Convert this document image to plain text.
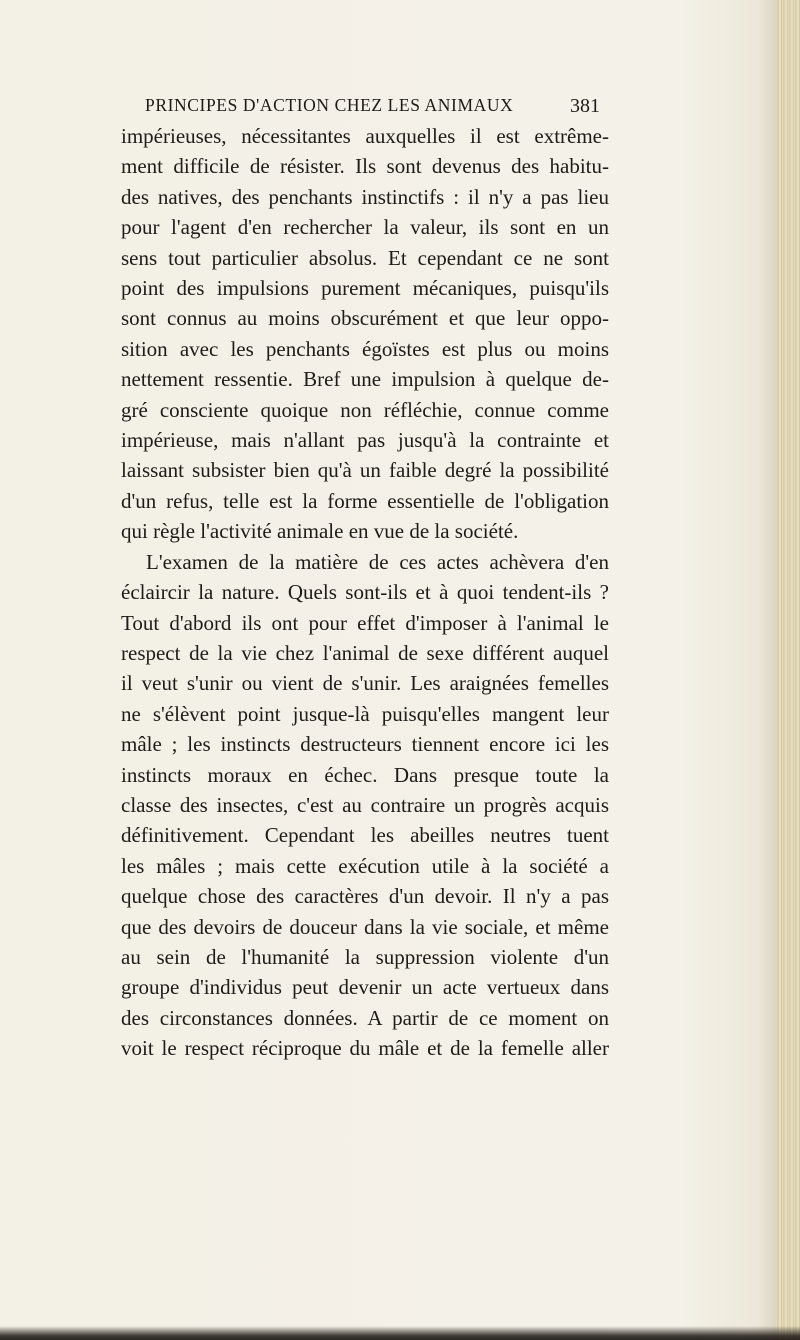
PRINCIPES D'ACTION CHEZ LES ANIMAUX	381
impérieuses, nécessitantes auxquelles il est extrême-
ment difficile de résister. Ils sont devenus des habitu-
des natives, des penchants instinctifs : il n'y a pas lieu
pour l'agent d'en rechercher la valeur, ils sont en un
sens tout particulier absolus. Et cependant ce ne sont
point des impulsions purement mécaniques, puisqu'ils
sont connus au moins obscurément et que leur oppo-
sition avec les penchants égoïstes est plus ou moins
nettement ressentie. Bref une impulsion à quelque de-
gré consciente quoique non réfléchie, connue comme
impérieuse, mais n'allant pas jusqu'à la contrainte et
laissant subsister bien qu'à un faible degré la possibilité
d'un refus, telle est la forme essentielle de l'obligation
qui règle l'activité animale en vue de la société.
L'examen de la matière de ces actes achèvera d'en
éclaircir la nature. Quels sont-ils et à quoi tendent-ils ?
Tout d'abord ils ont pour effet d'imposer à l'animal le
respect de la vie chez l'animal de sexe différent auquel
il veut s'unir ou vient de s'unir. Les araignées femelles
ne s'élèvent point jusque-là puisqu'elles mangent leur
mâle ; les instincts destructeurs tiennent encore ici les
instincts moraux en échec. Dans presque toute la
classe des insectes, c'est au contraire un progrès acquis
définitivement. Cependant les abeilles neutres tuent
les mâles ; mais cette exécution utile à la société a
quelque chose des caractères d'un devoir. Il n'y a pas
que des devoirs de douceur dans la vie sociale, et même
au sein de l'humanité la suppression violente d'un
groupe d'individus peut devenir un acte vertueux dans
des circonstances données. A partir de ce moment on
voit le respect réciproque du mâle et de la femelle aller
